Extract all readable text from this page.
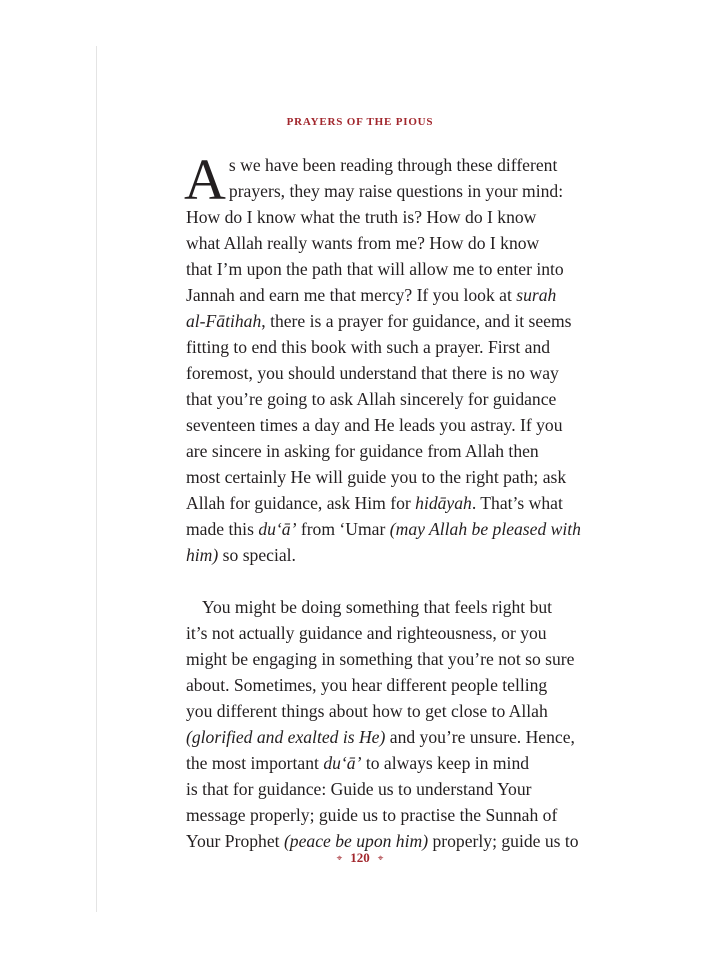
PRAYERS OF THE PIOUS
A s we have been reading through these different
prayers, they may raise questions in your mind:
How do I know what the truth is? How do I know
what Allah really wants from me? How do I know
that I’m upon the path that will allow me to enter into
Jannah and earn me that mercy? If you look at surah
al-Fātihah, there is a prayer for guidance, and it seems
fitting to end this book with such a prayer. First and
foremost, you should understand that there is no way
that you’re going to ask Allah sincerely for guidance
seventeen times a day and He leads you astray. If you
are sincere in asking for guidance from Allah then
most certainly He will guide you to the right path; ask
Allah for guidance, ask Him for hidāyah. That’s what
made this du‘ā’ from ‘Umar (may Allah be pleased with
him) so special.
You might be doing something that feels right but
it’s not actually guidance and righteousness, or you
might be engaging in something that you’re not so sure
about. Sometimes, you hear different people telling
you different things about how to get close to Allah
(glorified and exalted is He) and you’re unsure. Hence,
the most important du‘ā’ to always keep in mind
is that for guidance: Guide us to understand Your
message properly; guide us to practise the Sunnah of
Your Prophet (peace be upon him) properly; guide us to
⌖ 120 ⌖
